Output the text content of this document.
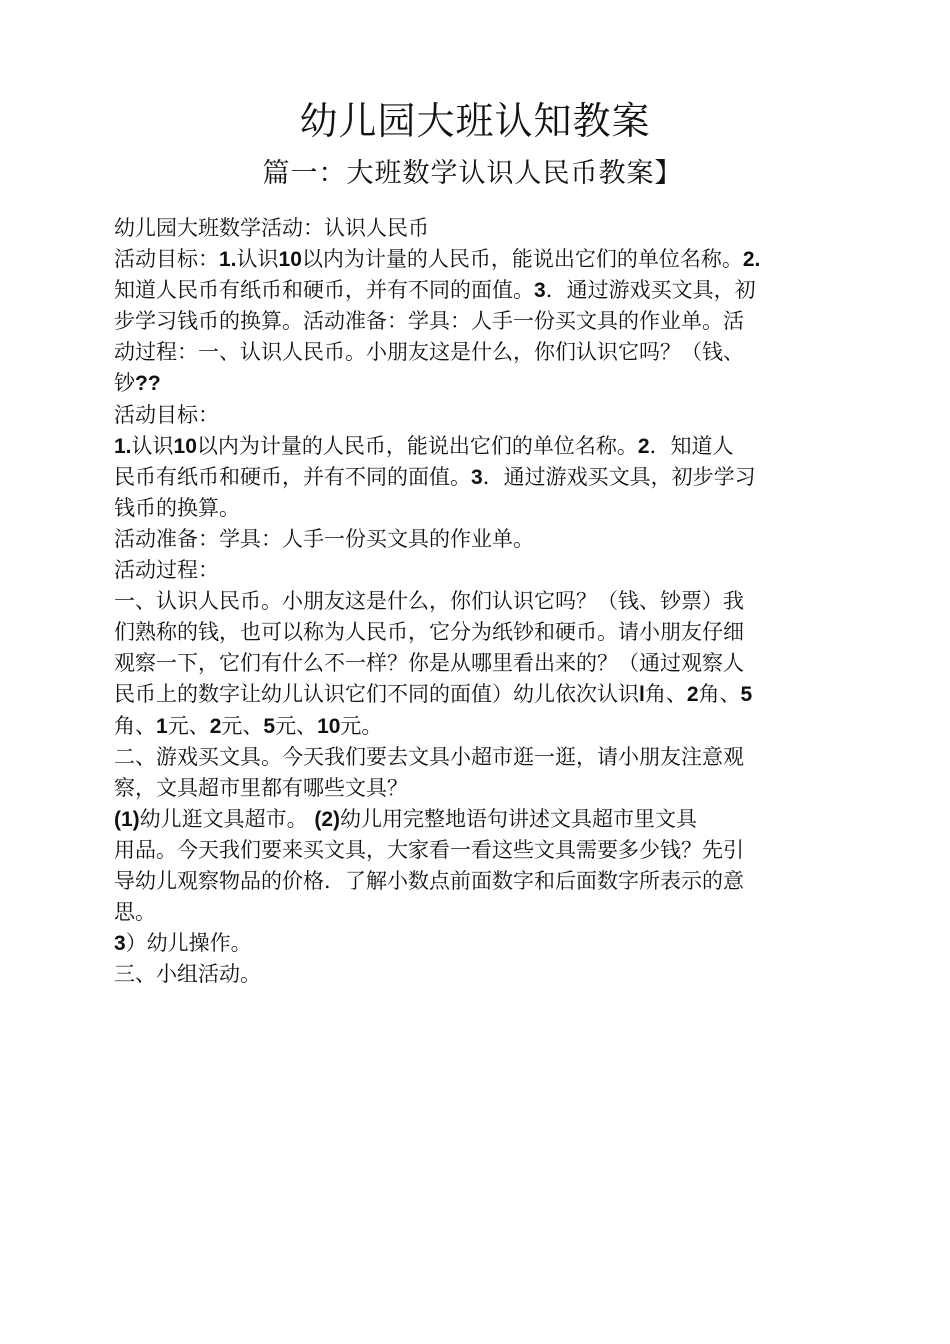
幼儿园大班认知教案
篇一：大班数学认识人民币教案】
幼儿园大班数学活动：认识人民币
活动目标：1.认识10以内为计量的人民币，能说出它们的单位名称。2.
知道人民币有纸币和硬币，并有不同的面值。3．通过游戏买文具，初
步学习钱币的换算。活动准备：学具：人手一份买文具的作业单。活
动过程：一、认识人民币。小朋友这是什么，你们认识它吗？（钱、
钞??
活动目标：
1.认识10以内为计量的人民币，能说出它们的单位名称。2．知道人
民币有纸币和硬币，并有不同的面值。3．通过游戏买文具，初步学习
钱币的换算。
活动准备：学具：人手一份买文具的作业单。
活动过程：
一、认识人民币。小朋友这是什么，你们认识它吗？（钱、钞票）我
们熟称的钱，也可以称为人民币，它分为纸钞和硬币。请小朋友仔细
观察一下，它们有什么不一样？你是从哪里看出来的？（通过观察人
民币上的数字让幼儿认识它们不同的面值）幼儿依次认识l角、2角、5
角、1元、2元、5元、10元。
二、游戏买文具。今天我们要去文具小超市逛一逛，请小朋友注意观
察，文具超市里都有哪些文具？
(1)幼儿逛文具超市。 (2)幼儿用完整地语句讲述文具超市里文具
用品。今天我们要来买文具，大家看一看这些文具需要多少钱？先引
导幼儿观察物品的价格．了解小数点前面数字和后面数字所表示的意
思。
3）幼儿操作。
三、小组活动。
